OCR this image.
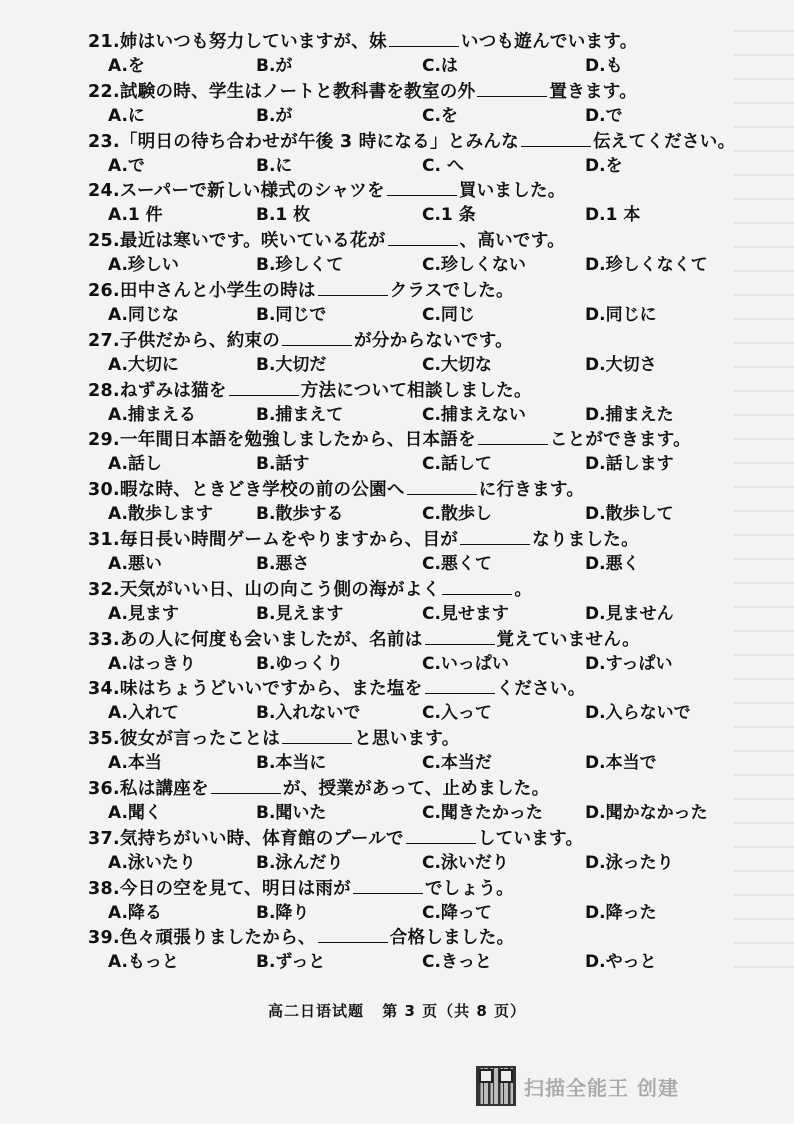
21.姉はいつも努力していますが、妹	いつも遊んでいます。
A.を	B.が	C.は	D.も
22.試験の時、学生はノートと教科書を教室の外	置きます。
A.に	B.が	C.を	D.で
23.「明日の待ち合わせが午後 3 時になる」とみんな	伝えてください。
A.で	B.に	C. へ	D.を
24.スーパーで新しい様式のシャツを	買いました。
A.1 件	B.1 枚	C.1 条	D.1 本
25.最近は寒いです。咲いている花が	、高いです。
A.珍しい	B.珍しくて	C.珍しくない	D.珍しくなくて
26.田中さんと小学生の時は	クラスでした。
A.同じな	B.同じで	C.同じ	D.同じに
27.子供だから、約束の	が分からないです。
A.大切に	B.大切だ	C.大切な	D.大切さ
28.ねずみは猫を	方法について相談しました。
A.捕まえる	B.捕まえて	C.捕まえない	D.捕まえた
29.一年間日本語を勉強しましたから、日本語を	ことができます。
A.話し	B.話す	C.話して	D.話します
30.暇な時、ときどき学校の前の公園へ	に行きます。
A.散歩します	B.散歩する	C.散歩し	D.散歩して
31.毎日長い時間ゲームをやりますから、目が	なりました。
A.悪い	B.悪さ	C.悪くて	D.悪く
32.天気がいい日、山の向こう側の海がよく	。
A.見ます	B.見えます	C.見せます	D.見ません
33.あの人に何度も会いましたが、名前は	覚えていません。
A.はっきり	B.ゆっくり	C.いっぱい	D.すっぱい
34.味はちょうどいいですから、また塩を	ください。
A.入れて	B.入れないで	C.入って	D.入らないで
35.彼女が言ったことは	と思います。
A.本当	B.本当に	C.本当だ	D.本当で
36.私は講座を	が、授業があって、止めました。
A.聞く	B.聞いた	C.聞きたかった D.聞かなかった
37.気持ちがいい時、体育館のプールで	しています。
A.泳いたり	B.泳んだり	C.泳いだり	D.泳ったり
38.今日の空を見て、明日は雨が	でしょう。
A.降る	B.降り	C.降って	D.降った
39.色々頑張りましたから、	合格しました。
A.もっと	B.ずっと	C.きっと	D.やっと
高二日语试题 第 3 页（共 8 页）
扫描全能王 创建
